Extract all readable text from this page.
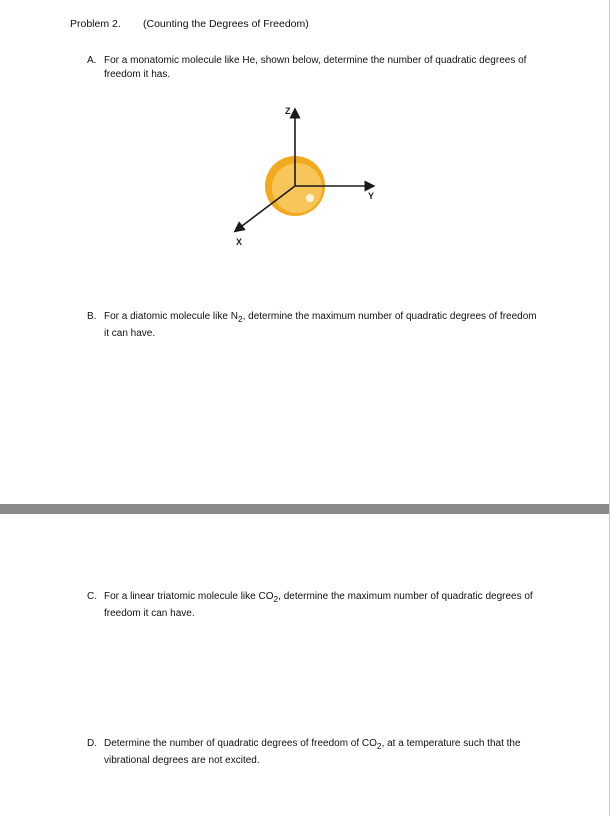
Problem 2. (Counting the Degrees of Freedom)
A. For a monatomic molecule like He, shown below, determine the number of quadratic degrees of freedom it has.
Z
Y
X
B. For a diatomic molecule like $N_2$, determine the maximum number of quadratic degrees of freedom it can have.
C. For a linear triatomic molecule like $CO_2$, determine the maximum number of quadratic degrees of freedom it can have.
D. Determine the number of quadratic degrees of freedom of $CO_2$, at a temperature such that the vibrational degrees are not excited.
